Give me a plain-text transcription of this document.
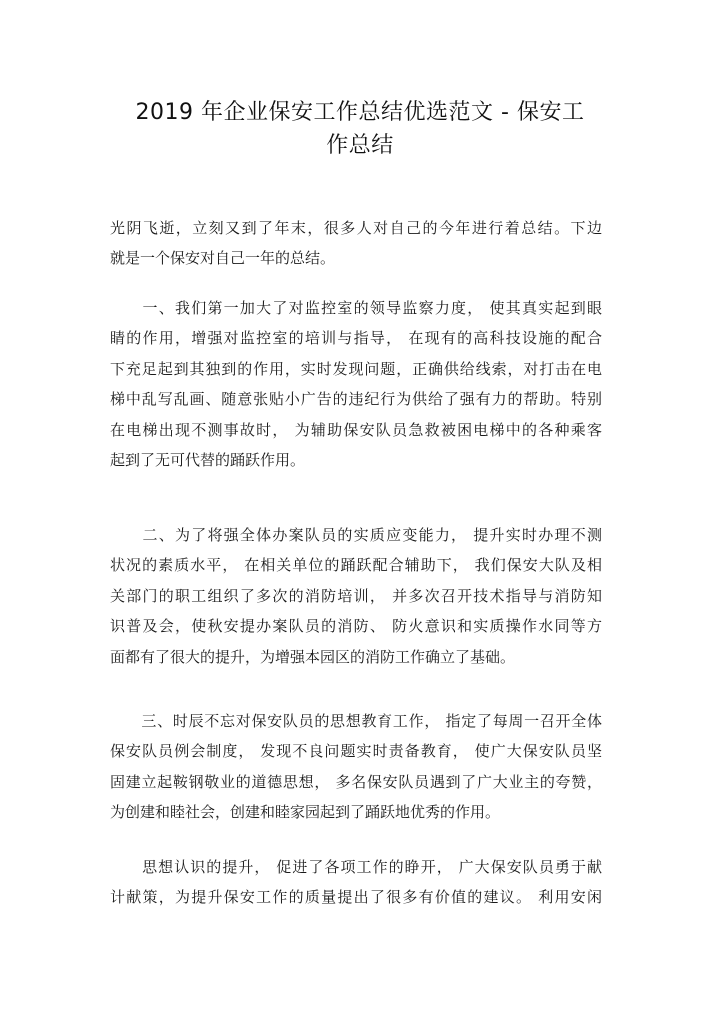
2019 年企业保安工作总结优选范文 - 保安工
作总结
光阴飞逝，立刻又到了年末，很多人对自己的今年进行着总结。下边
就是一个保安对自己一年的总结。
　　一、我们第一加大了对监控室的领导监察力度， 使其真实起到眼
睛的作用，增强对监控室的培训与指导， 在现有的高科技设施的配合
下充足起到其独到的作用，实时发现问题，正确供给线索，对打击在电
梯中乱写乱画、随意张贴小广告的违纪行为供给了强有力的帮助。特别
在电梯出现不测事故时， 为辅助保安队员急救被困电梯中的各种乘客
起到了无可代替的踊跃作用。
　　二、为了将强全体办案队员的实质应变能力， 提升实时办理不测
状况的素质水平， 在相关单位的踊跃配合辅助下， 我们保安大队及相
关部门的职工组织了多次的消防培训， 并多次召开技术指导与消防知
识普及会，使秋安提办案队员的消防、 防火意识和实质操作水同等方
面都有了很大的提升，为增强本园区的消防工作确立了基础。
　　三、时辰不忘对保安队员的思想教育工作， 指定了每周一召开全体
保安队员例会制度， 发现不良问题实时责备教育， 使广大保安队员坚
固建立起鞍钢敬业的道德思想， 多名保安队员遇到了广大业主的夸赞，
为创建和睦社会，创建和睦家园起到了踊跃地优秀的作用。
　　思想认识的提升， 促进了各项工作的睁开， 广大保安队员勇于献
计献策，为提升保安工作的质量提出了很多有价值的建议。 利用安闲
